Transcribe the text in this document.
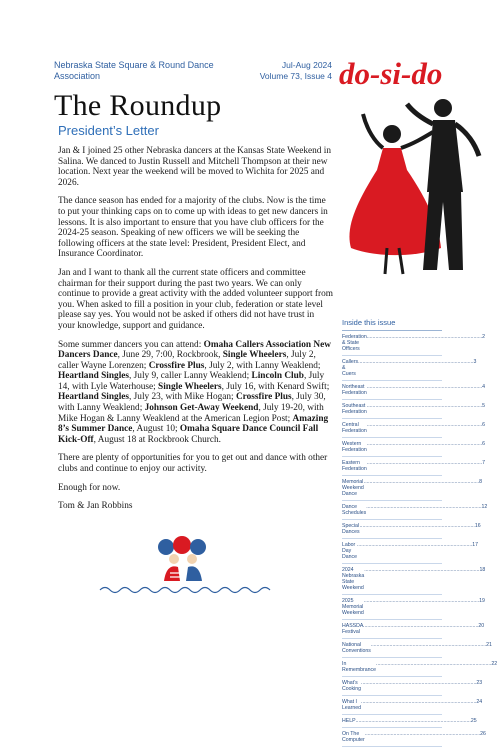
Nebraska State Square & Round Dance
Association
Jul-Aug 2024
Volume 73, Issue 4
The Roundup
President’s Letter

Jan & I joined 25 other Nebraska dancers at the Kansas State Weekend in Salina. We danced to Justin Russell and Mitchell Thompson at their new location. Next year the weekend will be moved to Wichita for 2025 and 2026.

The dance season has ended for a majority of the clubs. Now is the time to put your thinking caps on to come up with ideas to get new dancers in lessons. It is also important to ensure that you have club officers for the 2024-25 season. Speaking of new officers we will be seeking the following officers at the state level: President, President Elect, and Insurance Coordinator.

Jan and I want to thank all the current state officers and committee chairman for their support during the past two years. We can only continue to provide a great activity with the added volunteer support from you. When asked to fill a position in your club, federation or state level please say yes. You would not be asked if others did not have trust in your knowledge, support and guidance.

Some summer dancers you can attend: Omaha Callers Association New Dancers Dance, June 29, 7:00, Rockbrook, Single Wheelers, July 2, caller Wayne Lorenzen; Crossfire Plus, July 2, with Lanny Weaklend; Heartland Singles, July 9, caller Lanny Weaklend; Lincoln Club, July 14, with Lyle Waterhouse; Single Wheelers, July 16, with Kenard Swift; Heartland Singles, July 23, with Mike Hogan; Crossfire Plus, July 30, with Lanny Weaklend; Johnson Get-Away Weekend, July 19-20, with Mike Hogan & Lanny Weaklend at the American Legion Post; Amazing 8’s Summer Dance, August 10; Omaha Square Dance Council Fall Kick-Off, August 18 at Rockbrook Church.

There are plenty of opportunities for you to get out and dance with other clubs and continue to enjoy our activity.

Enough for now.

Tom & Jan Robbins

do-si-do
Inside this issue
Federation & State Officers
................................................................................ 2
Callers & Cuers
................................................................................ 3
Northeast Federation
................................................................................ 4
Southeast Federation
................................................................................ 5
Central Federation
................................................................................ 6
Western Federation
................................................................................ 6
Eastern Federation
................................................................................ 7
Memorial Weekend Dance
................................................................................ 8
Dance Schedules
................................................................................ 12
Special Dances
................................................................................ 16
Labor Day Dance
................................................................................ 17
2024 Nebraska State Weekend
................................................................................ 18
2025 Memorial Weekend
................................................................................ 19
HASSDA Festival
................................................................................ 20
National Conventions
................................................................................ 21
In Remembrance
................................................................................ 22
What’s Cooking
................................................................................ 23
What I Learned
................................................................................ 24
HELP ................................................................................ 25
On The Computer
................................................................................ 26
